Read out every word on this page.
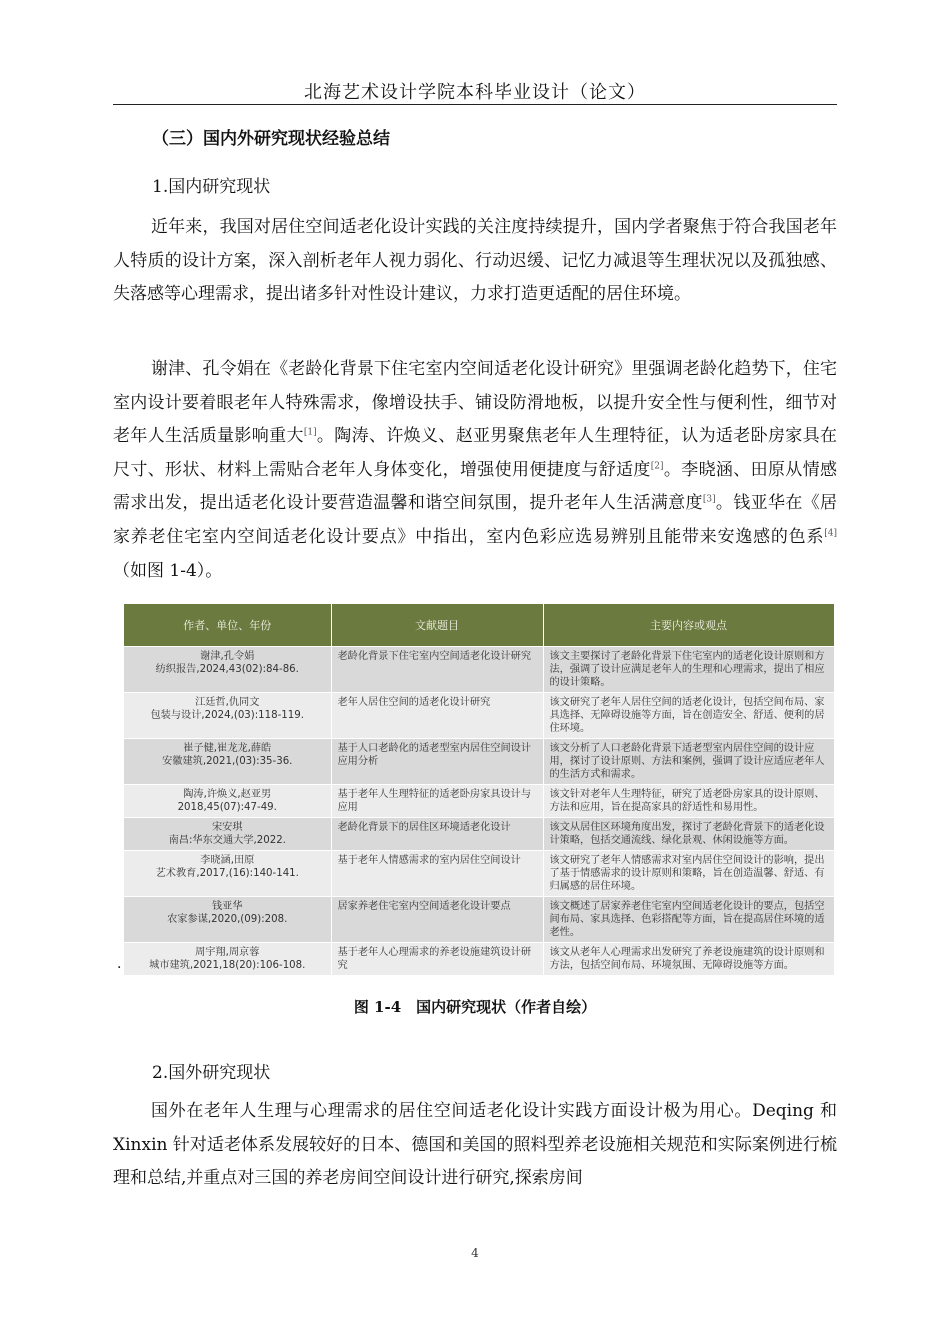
北海艺术设计学院本科毕业设计（论文）
（三）国内外研究现状经验总结
1.国内研究现状

近年来，我国对居住空间适老化设计实践的关注度持续提升，国内学者聚焦于符合我国老年人特质的设计方案，深入剖析老年人视力弱化、行动迟缓、记忆力减退等生理状况以及孤独感、失落感等心理需求，提出诸多针对性设计建议，力求打造更适配的居住环境。

谢津、孔令娟在《老龄化背景下住宅室内空间适老化设计研究》里强调老龄化趋势下，住宅室内设计要着眼老年人特殊需求，像增设扶手、铺设防滑地板，以提升安全性与便利性，细节对老年人生活质量影响重大[1]。陶涛、许焕义、赵亚男聚焦老年人生理特征，认为适老卧房家具在尺寸、形状、材料上需贴合老年人身体变化，增强使用便捷度与舒适度[2]。李晓涵、田原从情感需求出发，提出适老化设计要营造温馨和谐空间氛围，提升老年人生活满意度[3]。钱亚华在《居家养老住宅室内空间适老化设计要点》中指出，室内色彩应选易辨别且能带来安逸感的色系[4]（如图 1-4）。

作者、单位、年份	文献题目	主要内容或观点

谢津,孔令娟
纺织报告,2024,43(02):84-86.	老龄化背景下住宅室内空间适老化设计研究	该文主要探讨了老龄化背景下住宅室内的适老化设计原则和方法，强调了设计应满足老年人的生理和心理需求，提出了相应的设计策略。

江廷哲,仇同文
包装与设计,2024,(03):118-119.	老年人居住空间的适老化设计研究	该文研究了老年人居住空间的适老化设计，包括空间布局、家具选择、无障碍设施等方面，旨在创造安全、舒适、便利的居住环境。

崔子健,崔龙龙,薛皓
安徽建筑,2021,(03):35-36.	基于人口老龄化的适老型室内居住空间设计应用分析	该文分析了人口老龄化背景下适老型室内居住空间的设计应用，探讨了设计原则、方法和案例，强调了设计应适应老年人的生活方式和需求。

陶涛,许焕义,赵亚男
2018,45(07):47-49.	基于老年人生理特征的适老卧房家具设计与应用	该文针对老年人生理特征，研究了适老卧房家具的设计原则、方法和应用，旨在提高家具的舒适性和易用性。

宋安琪
南昌:华东交通大学,2022.	老龄化背景下的居住区环境适老化设计	该文从居住区环境角度出发，探讨了老龄化背景下的适老化设计策略，包括交通流线、绿化景观、休闲设施等方面。

李晓涵,田原
艺术教育,2017,(16):140-141.	基于老年人情感需求的室内居住空间设计	该文研究了老年人情感需求对室内居住空间设计的影响，提出了基于情感需求的设计原则和策略，旨在创造温馨、舒适、有归属感的居住环境。

钱亚华
农家参谋,2020,(09):208.	居家养老住宅室内空间适老化设计要点	该文概述了居家养老住宅室内空间适老化设计的要点，包括空间布局、家具选择、色彩搭配等方面，旨在提高居住环境的适老性。

周宇翔,周京蓉
城市建筑,2021,18(20):106-108.	基于老年人心理需求的养老设施建筑设计研究	该文从老年人心理需求出发研究了养老设施建筑的设计原则和方法，包括空间布局、环境氛围、无障碍设施等方面。
·
图 1-4　国内研究现状（作者自绘）
2.国外研究现状

国外在老年人生理与心理需求的居住空间适老化设计实践方面设计极为用心。Deqing 和 Xinxin 针对适老体系发展较好的日本、德国和美国的照料型养老设施相关规范和实际案例进行梳理和总结,并重点对三国的养老房间空间设计进行研究,探索房间

4
